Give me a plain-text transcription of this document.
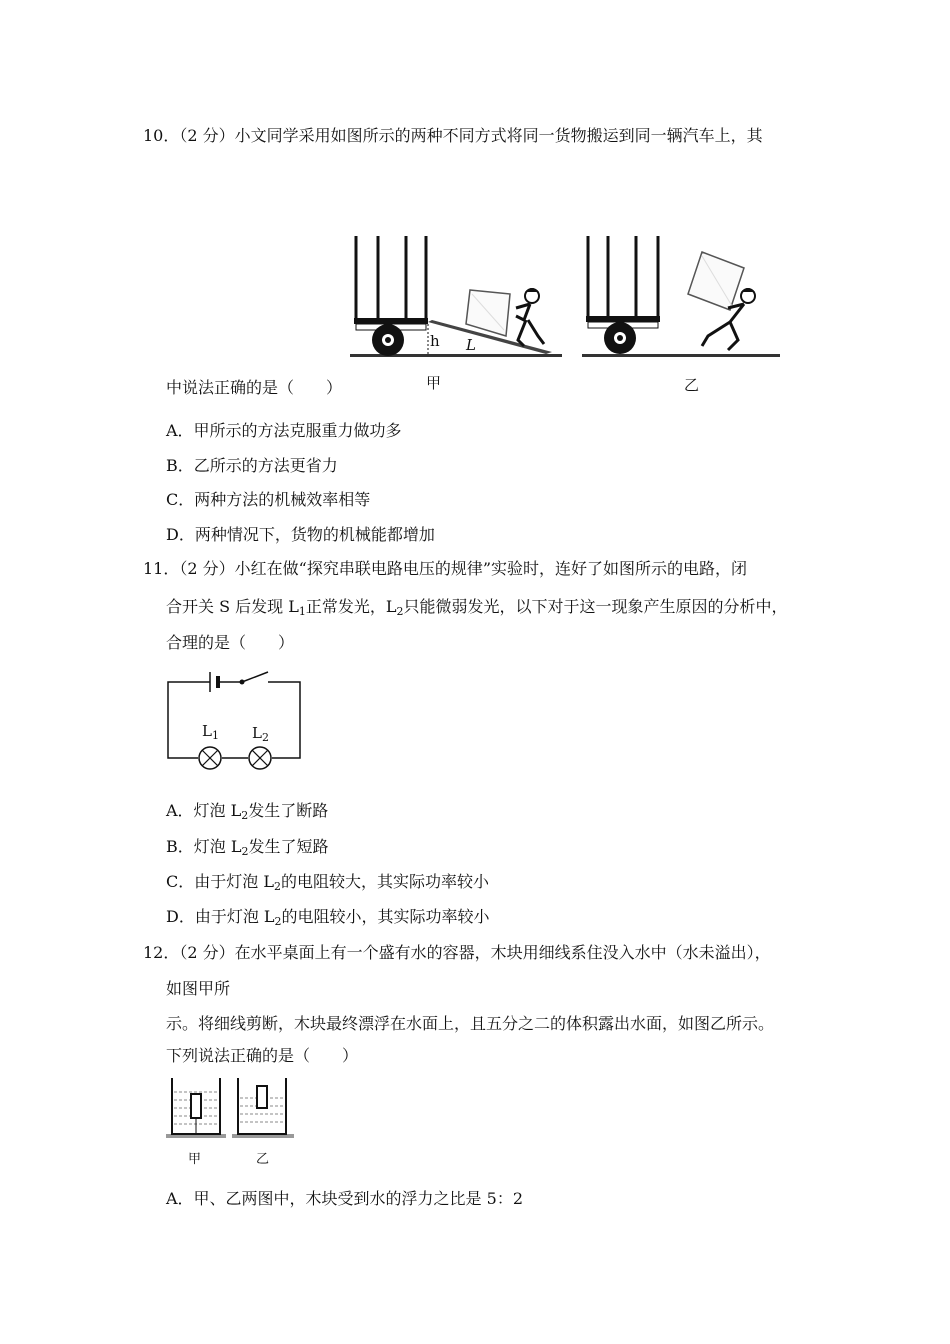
10．（2 分）小文同学采用如图所示的两种不同方式将同一货物搬运到同一辆汽车上，其
h L
甲	乙
中说法正确的是（　　）
A．甲所示的方法克服重力做功多
B．乙所示的方法更省力
C．两种方法的机械效率相等
D．两种情况下，货物的机械能都增加
11．（2 分）小红在做“探究串联电路电压的规律”实验时，连好了如图所示的电路，闭
合开关 S 后发现 $L_1$正常发光，$L_2$只能微弱发光，以下对于这一现象产生原因的分析中，
合理的是（　　）
$L_1$ $L_2$
A．灯泡 $L_2$发生了断路
B．灯泡 $L_2$发生了短路
C．由于灯泡 $L_2$的电阻较大，其实际功率较小
D．由于灯泡 $L_2$的电阻较小，其实际功率较小
12．（2 分）在水平桌面上有一个盛有水的容器，木块用细线系住没入水中（水未溢出），
如图甲所
示。将细线剪断，木块最终漂浮在水面上，且五分之二的体积露出水面，如图乙所示。
下列说法正确的是（　　）
甲	乙
A．甲、乙两图中，木块受到水的浮力之比是 5：2
